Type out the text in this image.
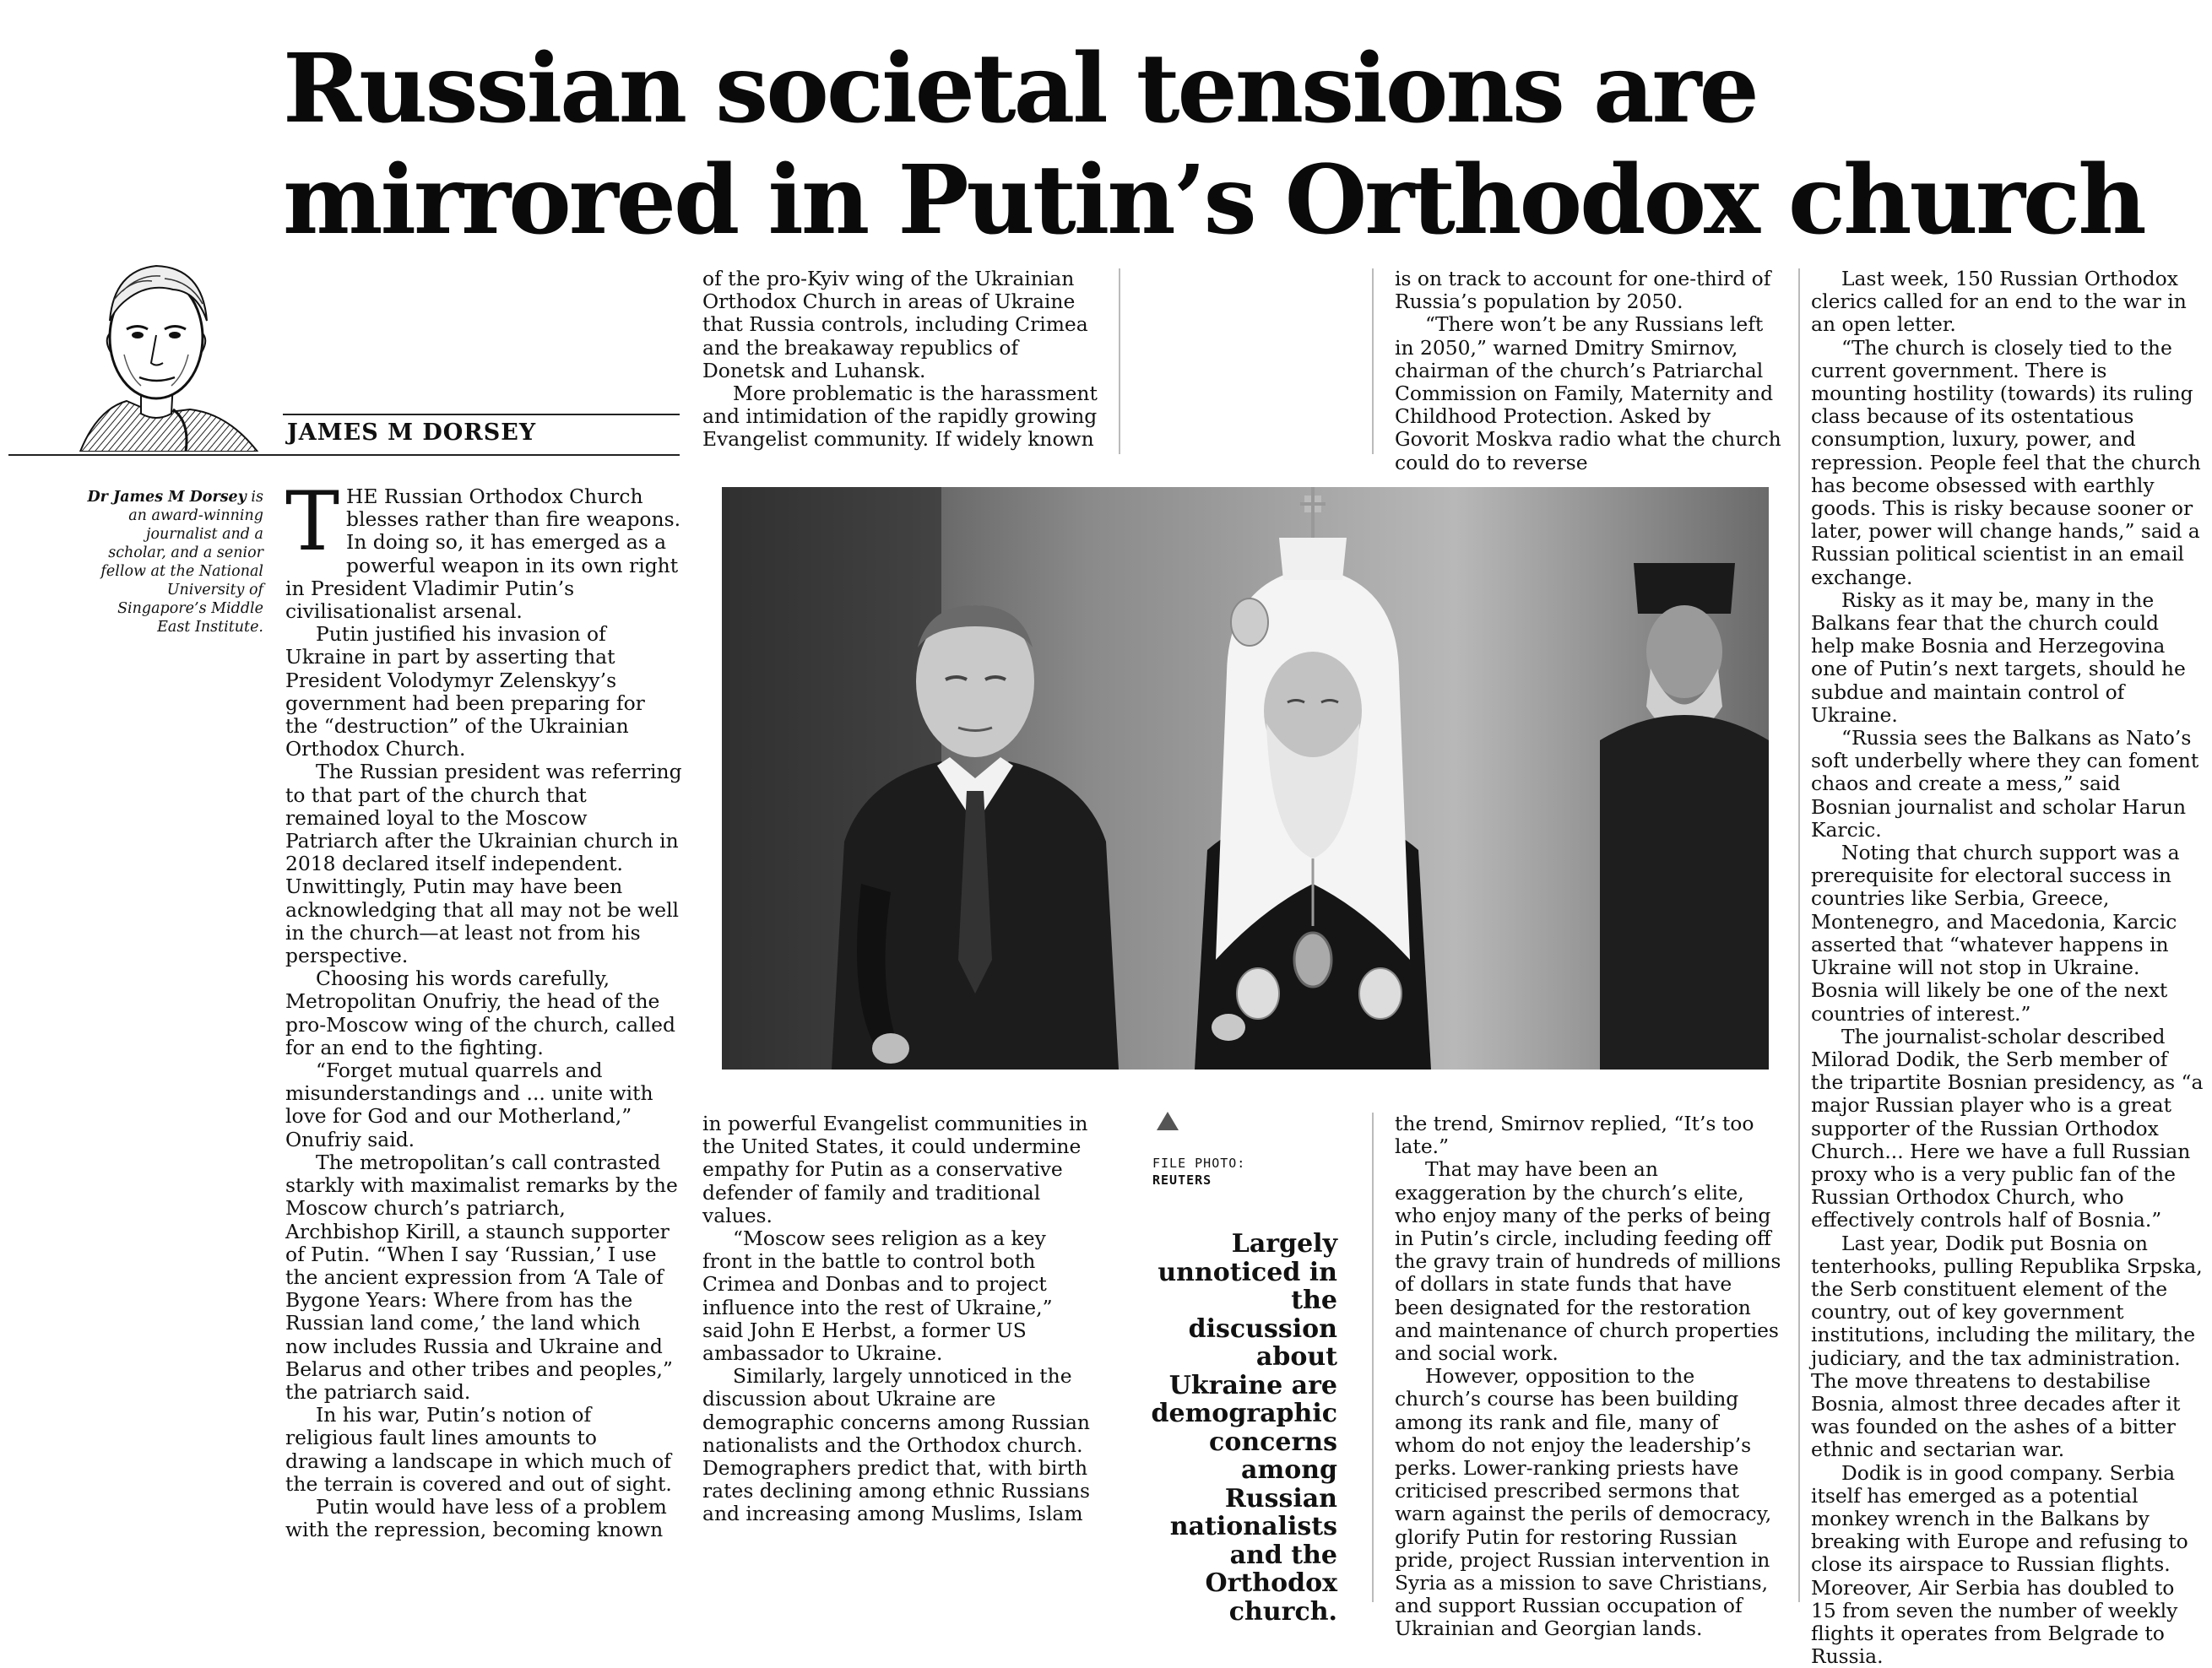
Russian societal tensions are
mirrored in Putin’s Orthodox church

JAMES M DORSEY

Dr James M Dorsey is an award-winning journalist and a scholar, and a senior fellow at the National University of Singapore’s Middle East Institute.

THE Russian Orthodox Church blesses rather than fire weapons. In doing so, it has emerged as a powerful weapon in its own right in President Vladimir Putin’s civilisationalist arsenal.

Putin justified his invasion of Ukraine in part by asserting that President Volodymyr Zelenskyy’s government had been preparing for the “destruction” of the Ukrainian Orthodox Church.

The Russian president was referring to that part of the church that remained loyal to the Moscow Patriarch after the Ukrainian church in 2018 declared itself independent. Unwittingly, Putin may have been acknowledging that all may not be well in the church—at least not from his perspective.

Choosing his words carefully, Metropolitan Onufriy, the head of the pro-Moscow wing of the church, called for an end to the fighting.

“Forget mutual quarrels and misunderstandings and ... unite with love for God and our Motherland,” Onufriy said.

The metropolitan’s call contrasted starkly with maximalist remarks by the Moscow church’s patriarch, Archbishop Kirill, a staunch supporter of Putin. “When I say ‘Russian,’ I use the ancient expression from ‘A Tale of Bygone Years: Where from has the Russian land come,’ the land which now includes Russia and Ukraine and Belarus and other tribes and peoples,” the patriarch said.

In his war, Putin’s notion of religious fault lines amounts to drawing a landscape in which much of the terrain is covered and out of sight.

Putin would have less of a problem with the repression, becoming known

of the pro-Kyiv wing of the Ukrainian Orthodox Church in areas of Ukraine that Russia controls, including Crimea and the breakaway republics of Donetsk and Luhansk.

More problematic is the harassment and intimidation of the rapidly growing Evangelist community. If widely known

is on track to account for one-third of Russia’s population by 2050.

“There won’t be any Russians left in 2050,” warned Dmitry Smirnov, chairman of the church’s Patriarchal Commission on Family, Maternity and Childhood Protection. Asked by Govorit Moskva radio what the church could do to reverse

Last week, 150 Russian Orthodox clerics called for an end to the war in an open letter.

“The church is closely tied to the current government. There is mounting hostility (towards) its ruling class because of its ostentatious consumption, luxury, power, and repression. People feel that the church has become obsessed with earthly goods. This is risky because sooner or later, power will change hands,” said a Russian political scientist in an email exchange.

Risky as it may be, many in the Balkans fear that the church could help make Bosnia and Herzegovina one of Putin’s next targets, should he subdue and maintain control of Ukraine.

“Russia sees the Balkans as Nato’s soft underbelly where they can foment chaos and create a mess,” said Bosnian journalist and scholar Harun Karcic.

Noting that church support was a prerequisite for electoral success in countries like Serbia, Greece, Montenegro, and Macedonia, Karcic asserted that “whatever happens in Ukraine will not stop in Ukraine. Bosnia will likely be one of the next countries of interest.”

The journalist-scholar described Milorad Dodik, the Serb member of the tripartite Bosnian presidency, as “a major Russian player who is a great supporter of the Russian Orthodox Church... Here we have a full Russian proxy who is a very public fan of the Russian Orthodox Church, who effectively controls half of Bosnia.”

Last year, Dodik put Bosnia on tenterhooks, pulling Republika Srpska, the Serb constituent element of the country, out of key government institutions, including the military, the judiciary, and the tax administration. The move threatens to destabilise Bosnia, almost three decades after it was founded on the ashes of a bitter ethnic and sectarian war.

Dodik is in good company. Serbia itself has emerged as a potential monkey wrench in the Balkans by breaking with Europe and refusing to close its airspace to Russian flights. Moreover, Air Serbia has doubled to 15 from seven the number of weekly flights it operates from Belgrade to Russia.

FILE PHOTO:
REUTERS

Largely unnoticed in the discussion about Ukraine are demographic concerns among Russian nationalists and the Orthodox church.

in powerful Evangelist communities in the United States, it could undermine empathy for Putin as a conservative defender of family and traditional values.

“Moscow sees religion as a key front in the battle to control both Crimea and Donbas and to project influence into the rest of Ukraine,” said John E Herbst, a former US ambassador to Ukraine.

Similarly, largely unnoticed in the discussion about Ukraine are demographic concerns among Russian nationalists and the Orthodox church. Demographers predict that, with birth rates declining among ethnic Russians and increasing among Muslims, Islam

the trend, Smirnov replied, “It’s too late.”

That may have been an exaggeration by the church’s elite, who enjoy many of the perks of being in Putin’s circle, including feeding off the gravy train of hundreds of millions of dollars in state funds that have been designated for the restoration and maintenance of church properties and social work.

However, opposition to the church’s course has been building among its rank and file, many of whom do not enjoy the leadership’s perks. Lower-ranking priests have criticised prescribed sermons that warn against the perils of democracy, glorify Putin for restoring Russian pride, project Russian intervention in Syria as a mission to save Christians, and support Russian occupation of Ukrainian and Georgian lands.
